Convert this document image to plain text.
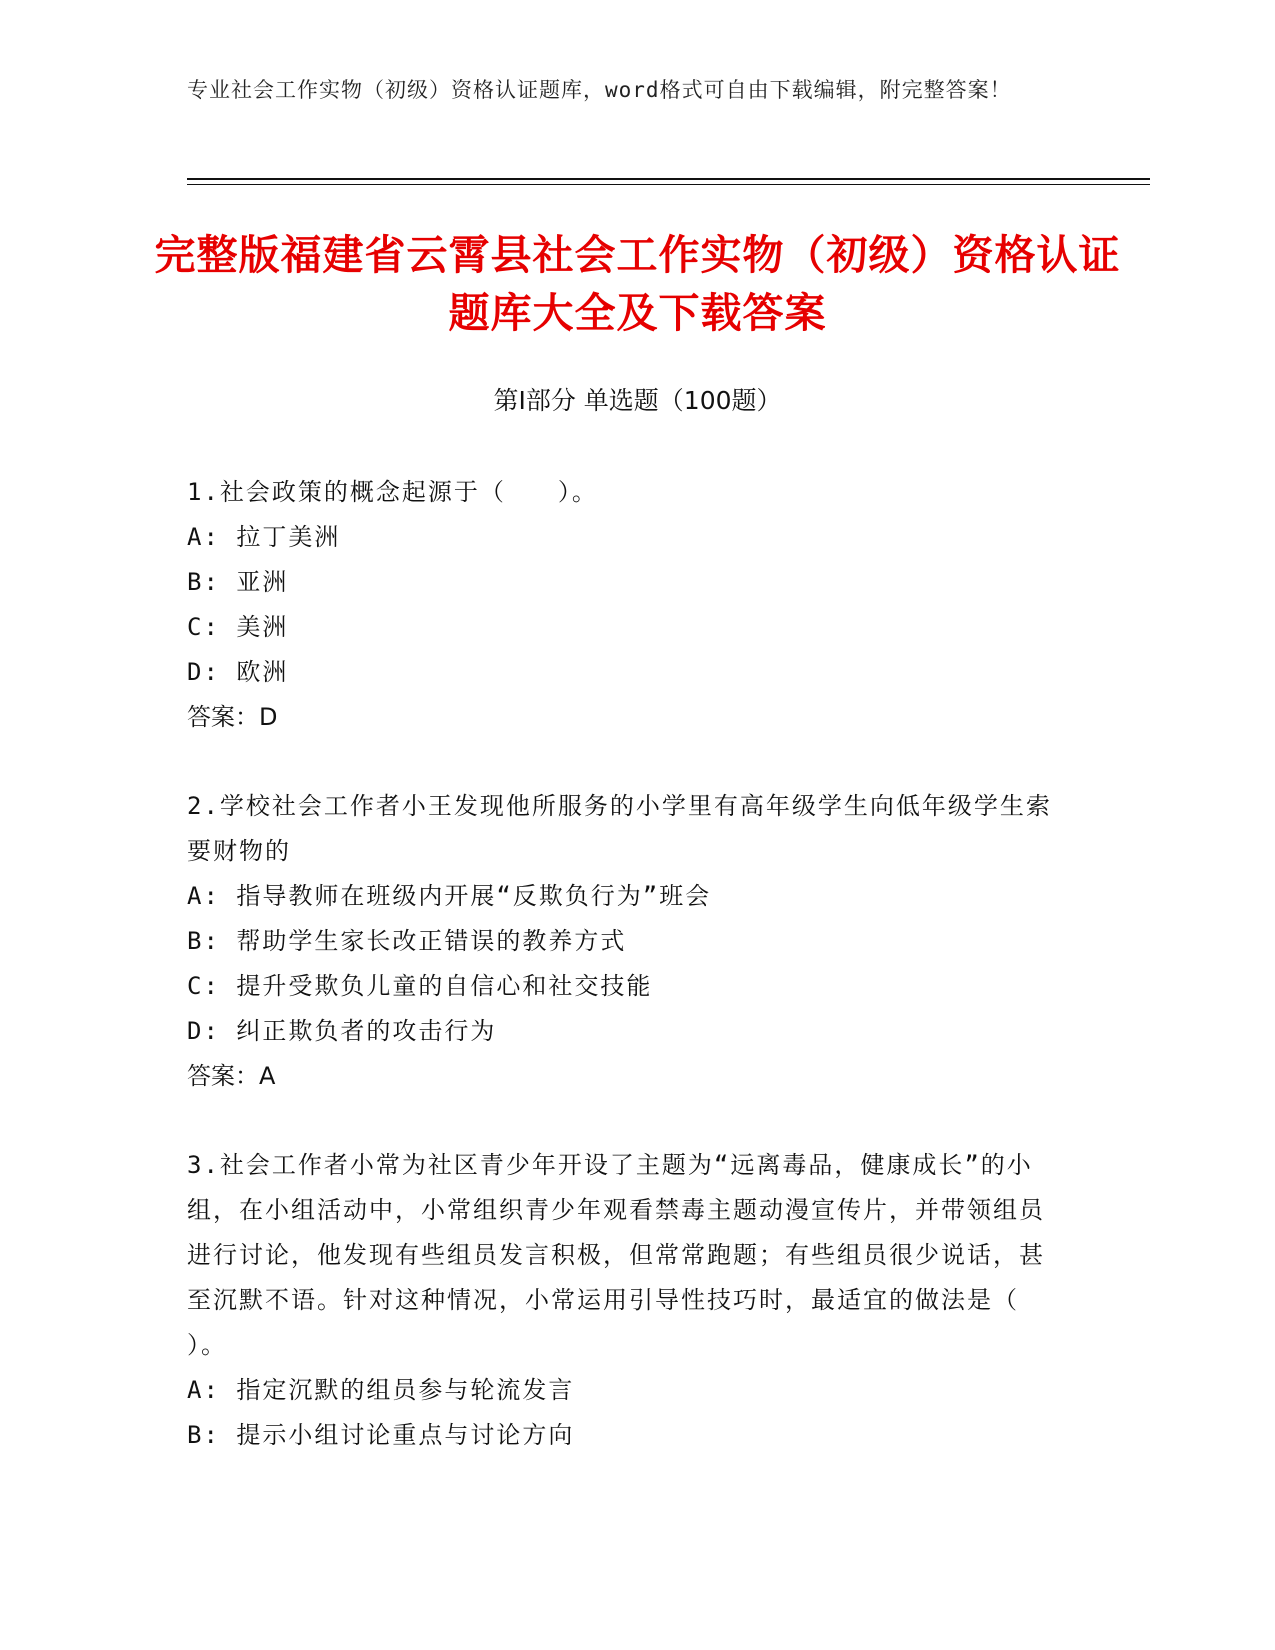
专业社会工作实物（初级）资格认证题库，word格式可自由下载编辑，附完整答案！
完整版福建省云霄县社会工作实物（初级）资格认证题库大全及下载答案
第Ⅰ部分 单选题（100题）
1.社会政策的概念起源于（　　）。
A: 拉丁美洲
B: 亚洲
C: 美洲
D: 欧洲
答案：D
2.学校社会工作者小王发现他所服务的小学里有高年级学生向低年级学生索要财物的
A: 指导教师在班级内开展“反欺负行为”班会
B: 帮助学生家长改正错误的教养方式
C: 提升受欺负儿童的自信心和社交技能
D: 纠正欺负者的攻击行为
答案：A
3.社会工作者小常为社区青少年开设了主题为“远离毒品，健康成长”的小组，在小组活动中，小常组织青少年观看禁毒主题动漫宣传片，并带领组员进行讨论，他发现有些组员发言积极，但常常跑题；有些组员很少说话，甚至沉默不语。针对这种情况，小常运用引导性技巧时，最适宜的做法是（ ）。
A: 指定沉默的组员参与轮流发言
B: 提示小组讨论重点与讨论方向
